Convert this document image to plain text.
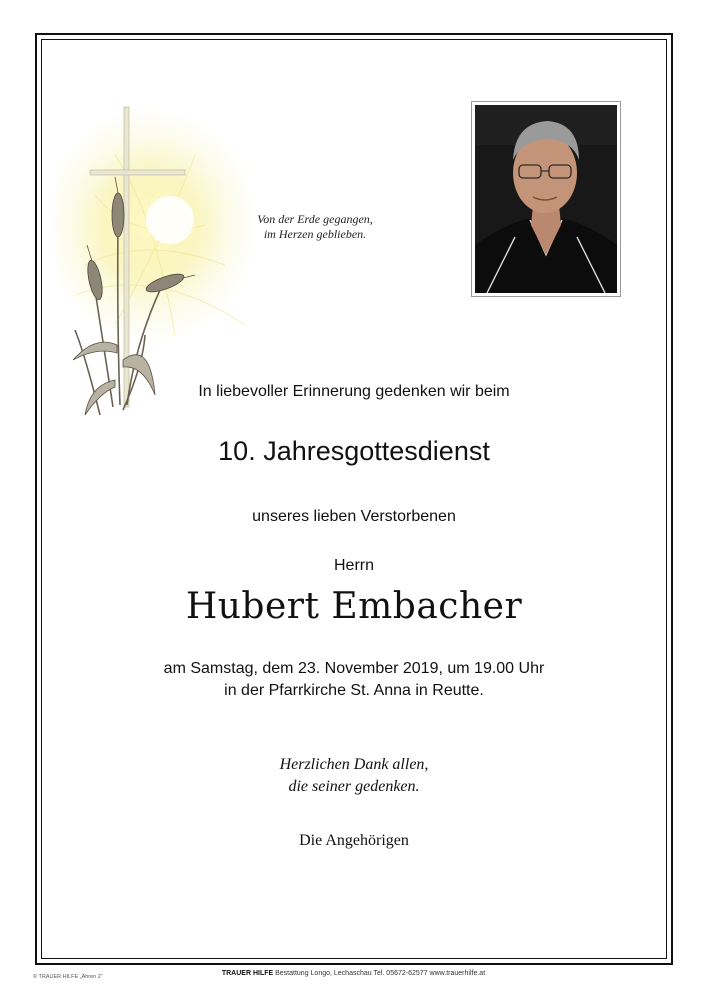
Von der Erde gegangen,
im Herzen geblieben.
In liebevoller Erinnerung gedenken wir beim
10. Jahresgottesdienst
unseres lieben Verstorbenen
Herrn
Hubert Embacher
am Samstag, dem 23. November 2019, um 19.00 Uhr
in der Pfarrkirche St. Anna in Reutte.
Herzlichen Dank allen,
die seiner gedenken.
Die Angehörigen
© TRAUER HILFE „Ähren 2“	TRAUER HILFE Bestattung Longo, Lechaschau Tel. 05672-62577 www.trauerhilfe.at
